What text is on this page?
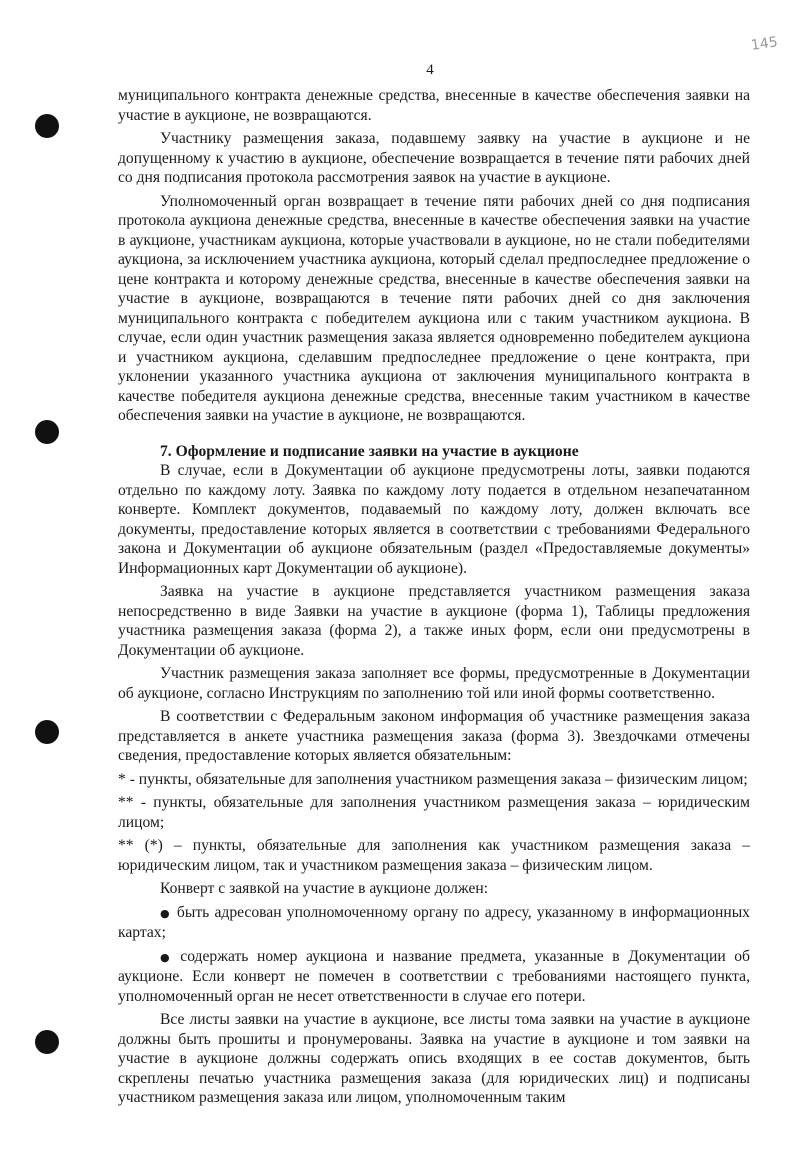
4
145

муниципального контракта денежные средства, внесенные в качестве обеспечения заявки на участие в аукционе, не возвращаются.

Участнику размещения заказа, подавшему заявку на участие в аукционе и не допущенному к участию в аукционе, обеспечение возвращается в течение пяти рабочих дней со дня подписания протокола рассмотрения заявок на участие в аукционе.

Уполномоченный орган возвращает в течение пяти рабочих дней со дня подписания протокола аукциона денежные средства, внесенные в качестве обеспечения заявки на участие в аукционе, участникам аукциона, которые участвовали в аукционе, но не стали победителями аукциона, за исключением участника аукциона, который сделал предпоследнее предложение о цене контракта и которому денежные средства, внесенные в качестве обеспечения заявки на участие в аукционе, возвращаются в течение пяти рабочих дней со дня заключения муниципального контракта с победителем аукциона или с таким участником аукциона. В случае, если один участник размещения заказа является одновременно победителем аукциона и участником аукциона, сделавшим предпоследнее предложение о цене контракта, при уклонении указанного участника аукциона от заключения муниципального контракта в качестве победителя аукциона денежные средства, внесенные таким участником в качестве обеспечения заявки на участие в аукционе, не возвращаются.

7. Оформление и подписание заявки на участие в аукционе

В случае, если в Документации об аукционе предусмотрены лоты, заявки подаются отдельно по каждому лоту. Заявка по каждому лоту подается в отдельном незапечатанном конверте. Комплект документов, подаваемый по каждому лоту, должен включать все документы, предоставление которых является в соответствии с требованиями Федерального закона и Документации об аукционе обязательным (раздел «Предоставляемые документы» Информационных карт Документации об аукционе).

Заявка на участие в аукционе представляется участником размещения заказа непосредственно в виде Заявки на участие в аукционе (форма 1), Таблицы предложения участника размещения заказа (форма 2), а также иных форм, если они предусмотрены в Документации об аукционе.

Участник размещения заказа заполняет все формы, предусмотренные в Документации об аукционе, согласно Инструкциям по заполнению той или иной формы соответственно.

В соответствии с Федеральным законом информация об участнике размещения заказа представляется в анкете участника размещения заказа (форма 3). Звездочками отмечены сведения, предоставление которых является обязательным:

* - пункты, обязательные для заполнения участником размещения заказа – физическим лицом;

** - пункты, обязательные для заполнения участником размещения заказа – юридическим лицом;

** (*) – пункты, обязательные для заполнения как участником размещения заказа – юридическим лицом, так и участником размещения заказа – физическим лицом.

Конверт с заявкой на участие в аукционе должен:

● быть адресован уполномоченному органу по адресу, указанному в информационных картах;

● содержать номер аукциона и название предмета, указанные в Документации об аукционе. Если конверт не помечен в соответствии с требованиями настоящего пункта, уполномоченный орган не несет ответственности в случае его потери.

Все листы заявки на участие в аукционе, все листы тома заявки на участие в аукционе должны быть прошиты и пронумерованы. Заявка на участие в аукционе и том заявки на участие в аукционе должны содержать опись входящих в ее состав документов, быть скреплены печатью участника размещения заказа (для юридических лиц) и подписаны участником размещения заказа или лицом, уполномоченным таким
